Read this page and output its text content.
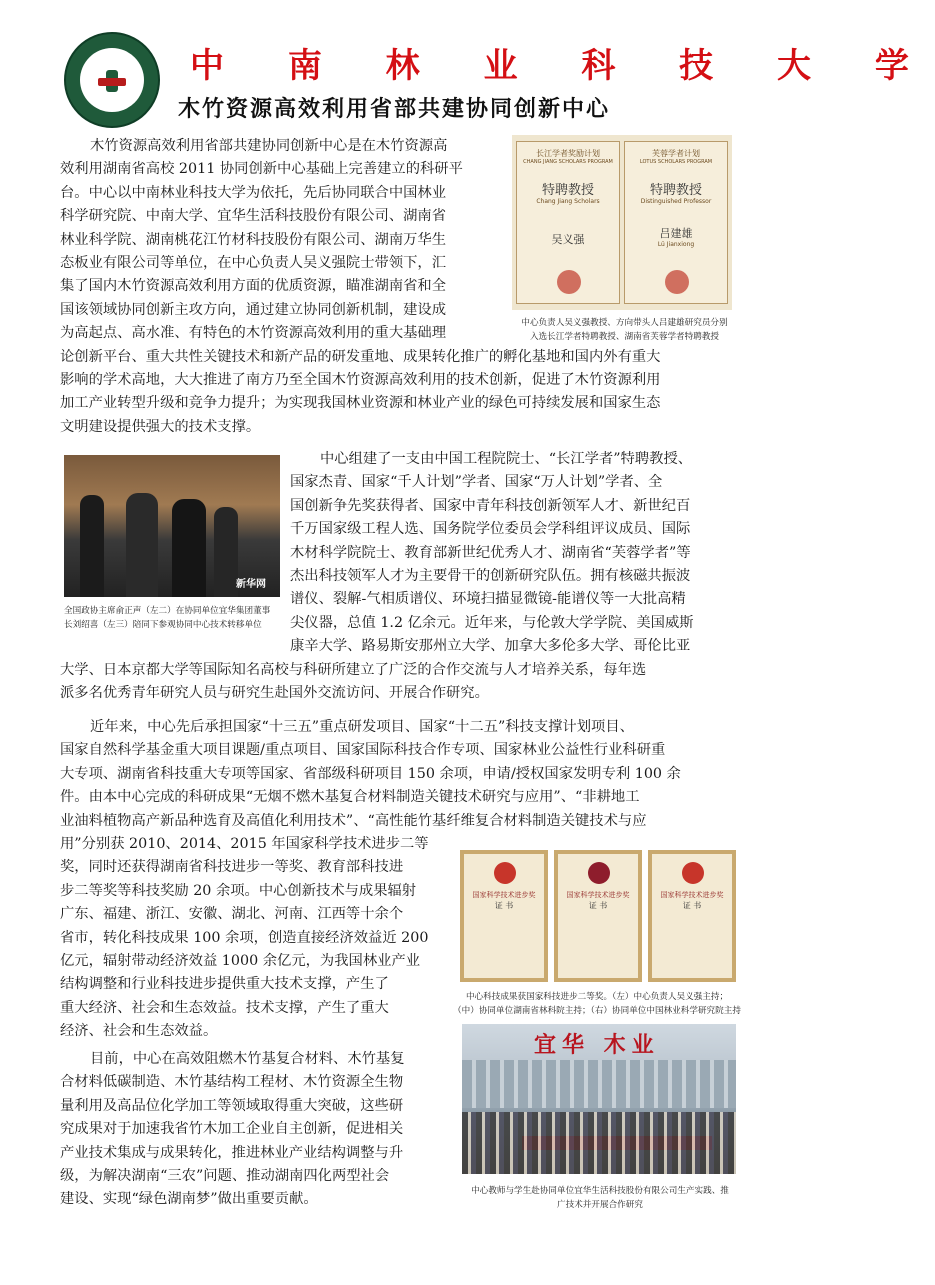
中 南 林 业 科 技 大 学
木竹资源高效利用省部共建协同创新中心
长江学者奖励计划
CHANG JIANG SCHOLARS PROGRAM
特聘教授
Chang Jiang Scholars
吴义强
芙蓉学者计划
LOTUS SCHOLARS PROGRAM
特聘教授
Distinguished Professor
吕建雄
Lü Jianxiong
中心负责人吴义强教授、方向带头人吕建雄研究员分别
入选长江学者特聘教授、湖南省芙蓉学者特聘教授
木竹资源高效利用省部共建协同创新中心是在木竹资源高
效利用湖南省高校 2011 协同创新中心基础上完善建立的科研平
台。中心以中南林业科技大学为依托，先后协同联合中国林业
科学研究院、中南大学、宜华生活科技股份有限公司、湖南省
林业科学院、湖南桃花江竹材科技股份有限公司、湖南万华生
态板业有限公司等单位，在中心负责人吴义强院士带领下，汇
集了国内木竹资源高效利用方面的优质资源，瞄准湖南省和全
国该领域协同创新主攻方向，通过建立协同创新机制，建设成
为高起点、高水准、有特色的木竹资源高效利用的重大基础理
论创新平台、重大共性关键技术和新产品的研发重地、成果转化推广的孵化基地和国内外有重大
影响的学术高地，大大推进了南方乃至全国木竹资源高效利用的技术创新，促进了木竹资源利用
加工产业转型升级和竞争力提升；为实现我国林业资源和林业产业的绿色可持续发展和国家生态
文明建设提供强大的技术支撑。
新华网
全国政协主席俞正声（左二）在协同单位宜华集团董事
长刘绍喜（左三）陪同下参观协同中心技术转移单位
中心组建了一支由中国工程院院士、“长江学者”特聘教授、
国家杰青、国家“千人计划”学者、国家“万人计划”学者、全
国创新争先奖获得者、国家中青年科技创新领军人才、新世纪百
千万国家级工程人选、国务院学位委员会学科组评议成员、国际
木材科学院院士、教育部新世纪优秀人才、湖南省“芙蓉学者”等
杰出科技领军人才为主要骨干的创新研究队伍。拥有核磁共振波
谱仪、裂解-气相质谱仪、环境扫描显微镜-能谱仪等一大批高精
尖仪器，总值 1.2 亿余元。近年来，与伦敦大学学院、美国威斯
康辛大学、路易斯安那州立大学、加拿大多伦多大学、哥伦比亚
大学、日本京都大学等国际知名高校与科研所建立了广泛的合作交流与人才培养关系，每年选
派多名优秀青年研究人员与研究生赴国外交流访问、开展合作研究。
近年来，中心先后承担国家“十三五”重点研发项目、国家“十二五”科技支撑计划项目、
国家自然科学基金重大项目课题/重点项目、国家国际科技合作专项、国家林业公益性行业科研重
大专项、湖南省科技重大专项等国家、省部级科研项目 150 余项，申请/授权国家发明专利 100 余
件。由本中心完成的科研成果“无烟不燃木基复合材料制造关键技术研究与应用”、“非耕地工
业油料植物高产新品种选育及高值化利用技术”、“高性能竹基纤维复合材料制造关键技术与应
用”分别获 2010、2014、2015 年国家科学技术进步二等
奖，同时还获得湖南省科技进步一等奖、教育部科技进
步二等奖等科技奖励 20 余项。中心创新技术与成果辐射
广东、福建、浙江、安徽、湖北、河南、江西等十余个
省市，转化科技成果 100 余项，创造直接经济效益近 200
亿元，辐射带动经济效益 1000 余亿元，为我国林业产业
结构调整和行业科技进步提供重大技术支撑，产生了
重大经济、社会和生态效益。技术支撑，产生了重大
经济、社会和生态效益。
国家科学技术进步奖
证 书
国家科学技术进步奖
证 书
国家科学技术进步奖
证 书
中心科技成果获国家科技进步二等奖。（左）中心负责人吴义强主持；
（中）协同单位湖南省林科院主持；（右）协同单位中国林业科学研究院主持
目前，中心在高效阻燃木竹基复合材料、木竹基复
合材料低碳制造、木竹基结构工程材、木竹资源全生物
量利用及高品位化学加工等领域取得重大突破，这些研
究成果对于加速我省竹木加工企业自主创新，促进相关
产业技术集成与成果转化，推进林业产业结构调整与升
级，为解决湖南“三农”问题、推动湖南四化两型社会
建设、实现“绿色湖南梦”做出重要贡献。
宜华 木业
中心教师与学生赴协同单位宜华生活科技股份有限公司生产实践、推
广技术并开展合作研究
